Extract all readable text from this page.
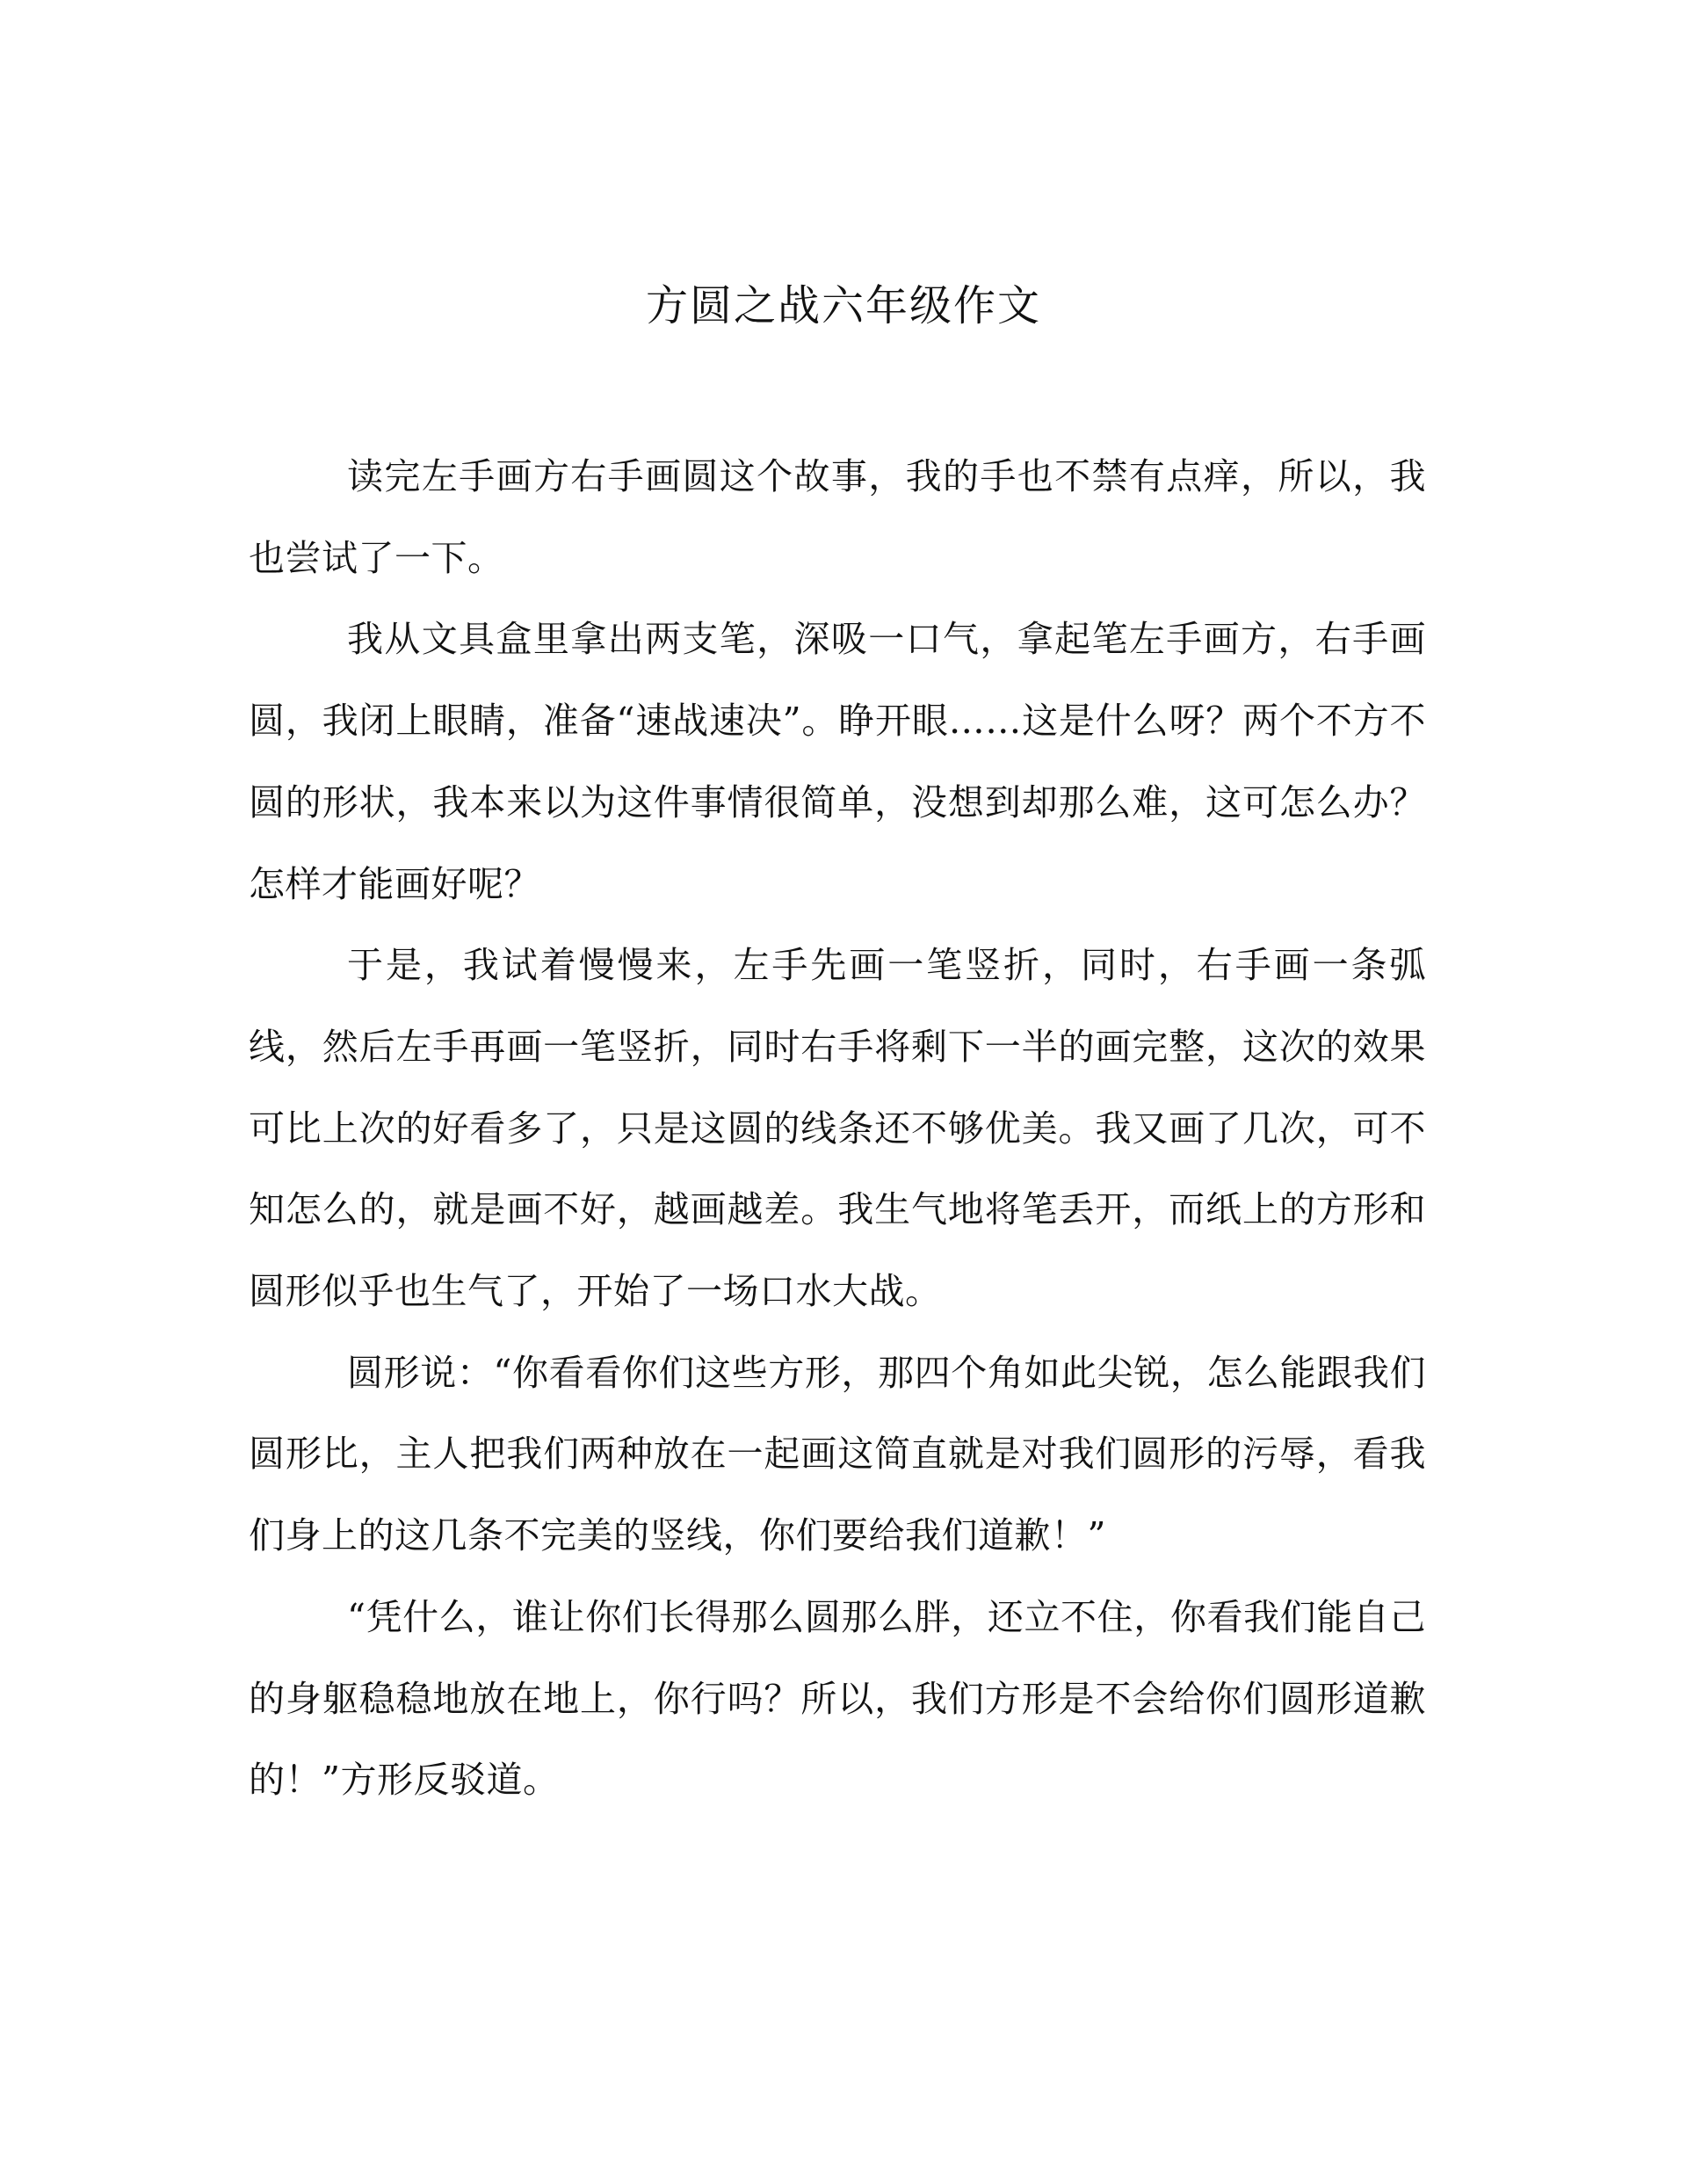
方圆之战六年级作文

读完左手画方右手画圆这个故事，我的手也不禁有点痒，所以，我也尝试了一下。

我从文具盒里拿出两支笔，深吸一口气，拿起笔左手画方，右手画圆，我闭上眼睛，准备“速战速决”。睁开眼……这是什么呀？两个不方不圆的形状，我本来以为这件事情很简单，没想到却那么难，这可怎么办？怎样才能画好呢？

于是，我试着慢慢来，左手先画一笔竖折，同时，右手画一条弧线，然后左手再画一笔竖折，同时右手将剩下一半的画完整，这次的效果可比上次的好看多了，只是这圆的线条还不够优美。我又画了几次，可不知怎么的，就是画不好，越画越差。我生气地将笔丢开，而纸上的方形和圆形似乎也生气了，开始了一场口水大战。

圆形说：“你看看你们这些方形，那四个角如此尖锐，怎么能跟我们圆形比，主人把我们两种放在一起画这简直就是对我们圆形的污辱，看我们身上的这几条不完美的竖线，你们要给我们道歉！”

“凭什么，谁让你们长得那么圆那么胖，还立不住，你看我们能自己的身躯稳稳地放在地上，你行吗？所以，我们方形是不会给你们圆形道歉的！”方形反驳道。
